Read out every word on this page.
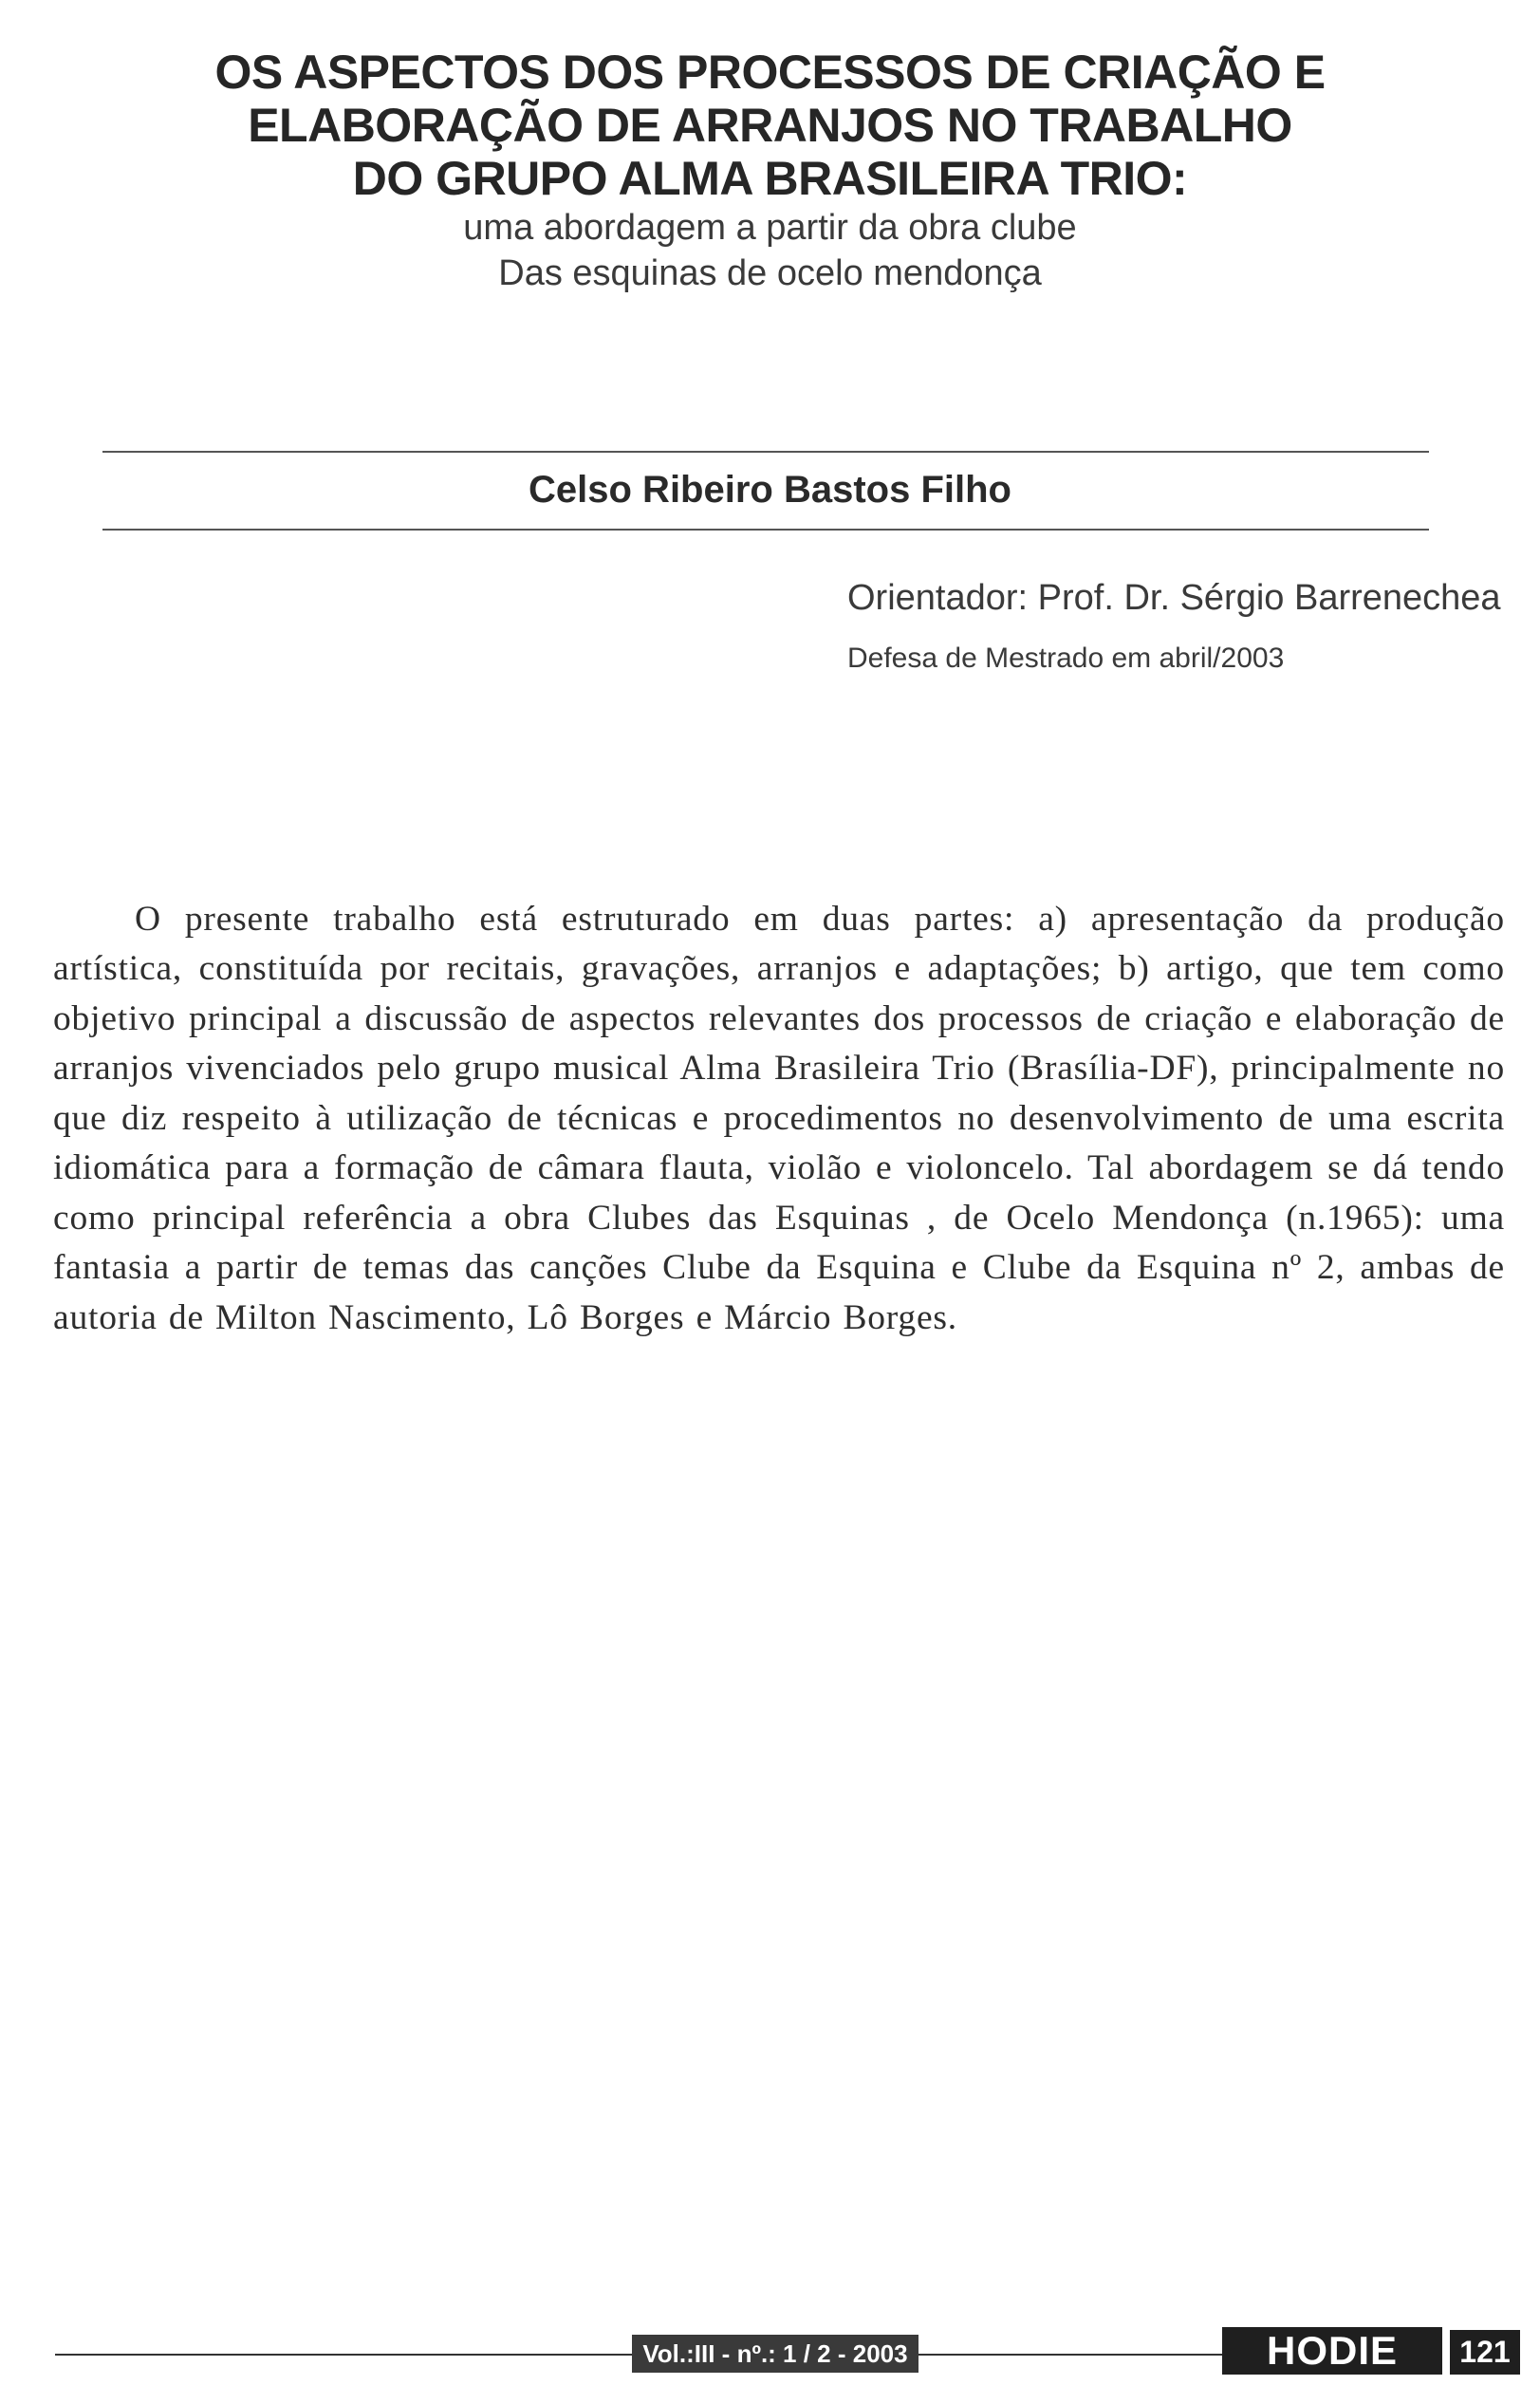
OS ASPECTOS DOS PROCESSOS DE CRIAÇÃO E
ELABORAÇÃO DE ARRANJOS NO TRABALHO
DO GRUPO ALMA BRASILEIRA TRIO:
uma abordagem a partir da obra clube
Das esquinas de ocelo mendonça
Celso Ribeiro Bastos Filho
Orientador: Prof. Dr. Sérgio Barrenechea
Defesa de Mestrado em abril/2003

O presente trabalho está estruturado em duas partes: a) apresentação da produção artística, constituída por recitais, gravações, arranjos e adaptações; b) artigo, que tem como objetivo principal a discussão de aspectos relevantes dos processos de criação e elaboração de arranjos vivenciados pelo grupo musical Alma Brasileira Trio (Brasília-DF), principalmente no que diz respeito à utilização de técnicas e procedimentos no desenvolvimento de uma escrita idiomática para a formação de câmara flauta, violão e violoncelo. Tal abordagem se dá tendo como principal referência a obra Clubes das Esquinas , de Ocelo Mendonça (n.1965): uma fantasia a partir de temas das canções Clube da Esquina e Clube da Esquina nº 2, ambas de autoria de Milton Nascimento, Lô Borges e Márcio Borges.

Vol.:III - nº.: 1 / 2 - 2003	HODIE	121
